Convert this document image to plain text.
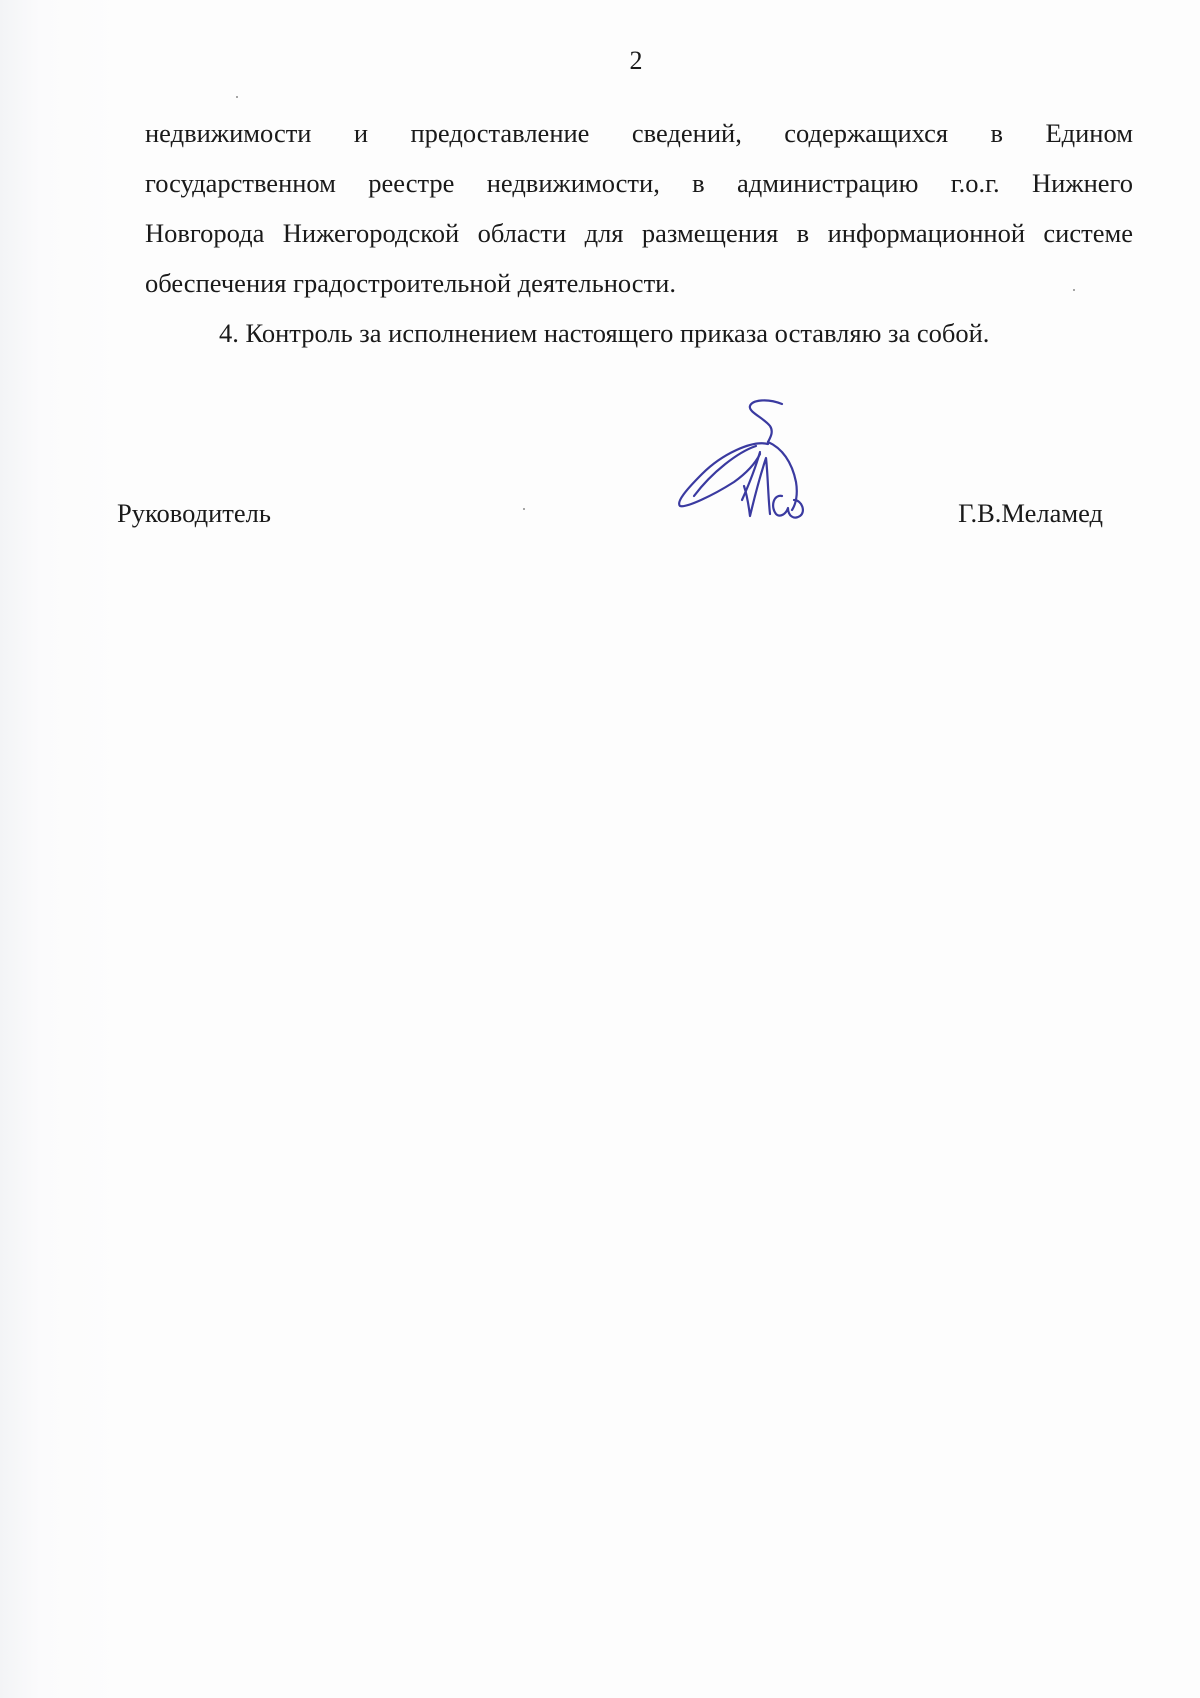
2

недвижимости и предоставление сведений, содержащихся в Едином
государственном реестре недвижимости, в администрацию г.о.г. Нижнего
Новгорода Нижегородской области для размещения в информационной системе
обеспечения градостроительной деятельности.

4. Контроль за исполнением настоящего приказа оставляю за собой.

Руководитель	Г.В.Меламед
